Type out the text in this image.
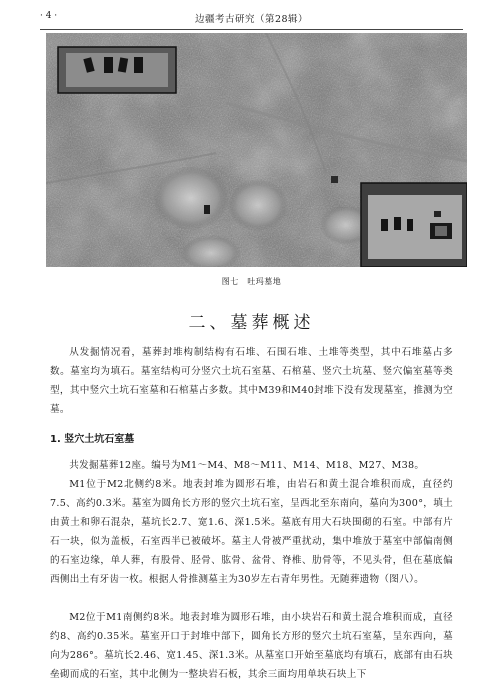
· 4 ·	边疆考古研究（第28辑）
图七　吐玛墓地
二、墓葬概述

从发掘情况看，墓葬封堆构制结构有石堆、石围石堆、土堆等类型，其中石堆墓占多数。墓室均为填石。墓室结构可分竖穴土坑石室墓、石棺墓、竖穴土坑墓、竖穴偏室墓等类型，其中竖穴土坑石室墓和石棺墓占多数。其中M39和M40封堆下没有发现墓室，推测为空墓。

1. 竖穴土坑石室墓

共发掘墓葬12座。编号为M1～M4、M8～M11、M14、M18、M27、M38。

M1位于M2北侧约8米。地表封堆为圆形石堆，由岩石和黄土混合堆积而成，直径约7.5、高约0.3米。墓室为圆角长方形的竖穴土坑石室，呈西北至东南向，墓向为300°，填土由黄土和卵石混杂，墓坑长2.7、宽1.6、深1.5米。墓底有用大石块围砌的石室。中部有片石一块，似为盖板，石室西半已被破坏。墓主人骨被严重扰动，集中堆放于墓室中部偏南侧的石室边缘，单人葬，有股骨、胫骨、肱骨、盆骨、脊椎、肋骨等，不见头骨，但在墓底偏西侧出土有牙齿一枚。根据人骨推测墓主为30岁左右青年男性。无随葬遗物（图八）。

M2位于M1南侧约8米。地表封堆为圆形石堆，由小块岩石和黄土混合堆积而成，直径约8、高约0.35米。墓室开口于封堆中部下，圆角长方形的竖穴土坑石室墓，呈东西向，墓向为286°。墓坑长2.46、宽1.45、深1.3米。从墓室口开始至墓底均有填石，底部有由石块垒砌而成的石室，其中北侧为一整块岩石板，其余三面均用单块石块上下
